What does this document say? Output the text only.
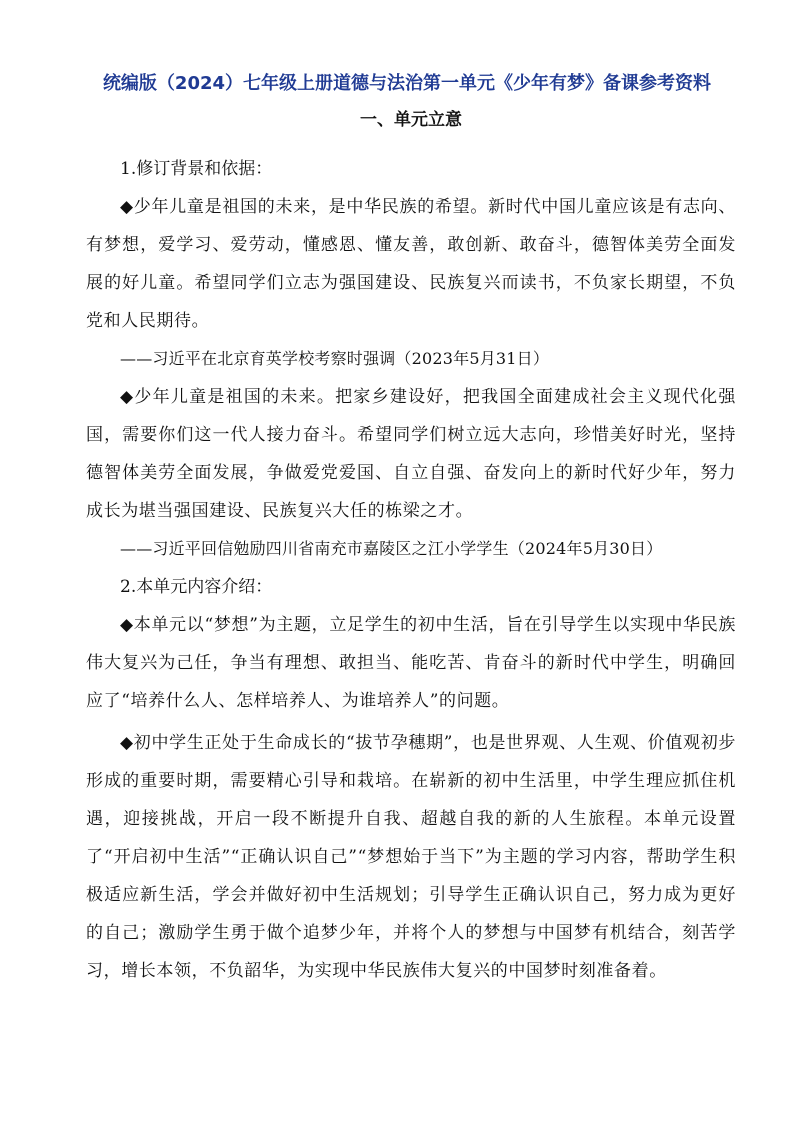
统编版（2024）七年级上册道德与法治第一单元《少年有梦》备课参考资料
一、单元立意

1.修订背景和依据：

◆少年儿童是祖国的未来，是中华民族的希望。新时代中国儿童应该是有志向、有梦想，爱学习、爱劳动，懂感恩、懂友善，敢创新、敢奋斗，德智体美劳全面发展的好儿童。希望同学们立志为强国建设、民族复兴而读书，不负家长期望，不负党和人民期待。

——习近平在北京育英学校考察时强调（2023年5月31日）

◆少年儿童是祖国的未来。把家乡建设好，把我国全面建成社会主义现代化强国，需要你们这一代人接力奋斗。希望同学们树立远大志向，珍惜美好时光，坚持德智体美劳全面发展，争做爱党爱国、自立自强、奋发向上的新时代好少年，努力成长为堪当强国建设、民族复兴大任的栋梁之才。

——习近平回信勉励四川省南充市嘉陵区之江小学学生（2024年5月30日）

2.本单元内容介绍：

◆本单元以“梦想”为主题，立足学生的初中生活，旨在引导学生以实现中华民族伟大复兴为己任，争当有理想、敢担当、能吃苦、肯奋斗的新时代中学生，明确回应了“培养什么人、怎样培养人、为谁培养人”的问题。

◆初中学生正处于生命成长的“拔节孕穗期”，也是世界观、人生观、价值观初步形成的重要时期，需要精心引导和栽培。在崭新的初中生活里，中学生理应抓住机遇，迎接挑战，开启一段不断提升自我、超越自我的新的人生旅程。本单元设置了“开启初中生活”“正确认识自己”“梦想始于当下”为主题的学习内容，帮助学生积极适应新生活，学会并做好初中生活规划；引导学生正确认识自己，努力成为更好的自己；激励学生勇于做个追梦少年，并将个人的梦想与中国梦有机结合，刻苦学习，增长本领，不负韶华，为实现中华民族伟大复兴的中国梦时刻准备着。
